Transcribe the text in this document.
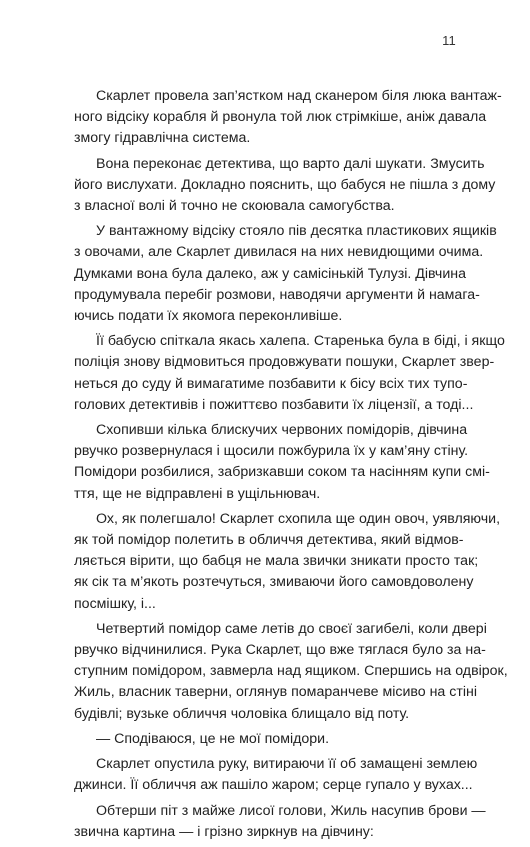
11
Скарлет провела зап’ястком над сканером біля люка вантаж-
ного відсіку корабля й рвонула той люк стрімкіше, аніж давала
змогу гідравлічна система.
Вона переконає детектива, що варто далі шукати. Змусить
його вислухати. Докладно пояснить, що бабуся не пішла з дому
з власної волі й точно не скоювала самогубства.
У вантажному відсіку стояло пів десятка пластикових ящиків
з овочами, але Скарлет дивилася на них невидющими очима.
Думками вона була далеко, аж у самісінькій Тулузі. Дівчина
продумувала перебіг розмови, наводячи аргументи й намага-
ючись подати їх якомога переконливіше.
Її бабусю спіткала якась халепа. Старенька була в біді, і якщо
поліція знову відмовиться продовжувати пошуки, Скарлет звер-
неться до суду й вимагатиме позбавити к бісу всіх тих тупо-
голових детективів і пожиттєво позбавити їх ліцензії, а тоді...
Схопивши кілька блискучих червоних помідорів, дівчина
рвучко розвернулася і щосили пожбурила їх у кам’яну стіну.
Помідори розбилися, забризкавши соком та насінням купи смі-
ття, ще не відправлені в ущільнювач.
Ох, як полегшало! Скарлет схопила ще один овоч, уявляючи,
як той помідор полетить в обличчя детектива, який відмов-
ляється вірити, що бабця не мала звички зникати просто так;
як сік та м’якоть розтечуться, змиваючи його самовдоволену
посмішку, і...
Четвертий помідор саме летів до своєї загибелі, коли двері
рвучко відчинилися. Рука Скарлет, що вже тяглася було за на-
ступним помідором, завмерла над ящиком. Спершись на одвірок,
Жиль, власник таверни, оглянув помаранчеве місиво на стіні
будівлі; вузьке обличчя чоловіка блищало від поту.
— Сподіваюся, це не мої помідори.
Скарлет опустила руку, витираючи її об замащені землею
джинси. Її обличчя аж пашіло жаром; серце гупало у вухах...
Обтерши піт з майже лисої голови, Жиль насупив брови —
звична картина — і грізно зиркнув на дівчину:
